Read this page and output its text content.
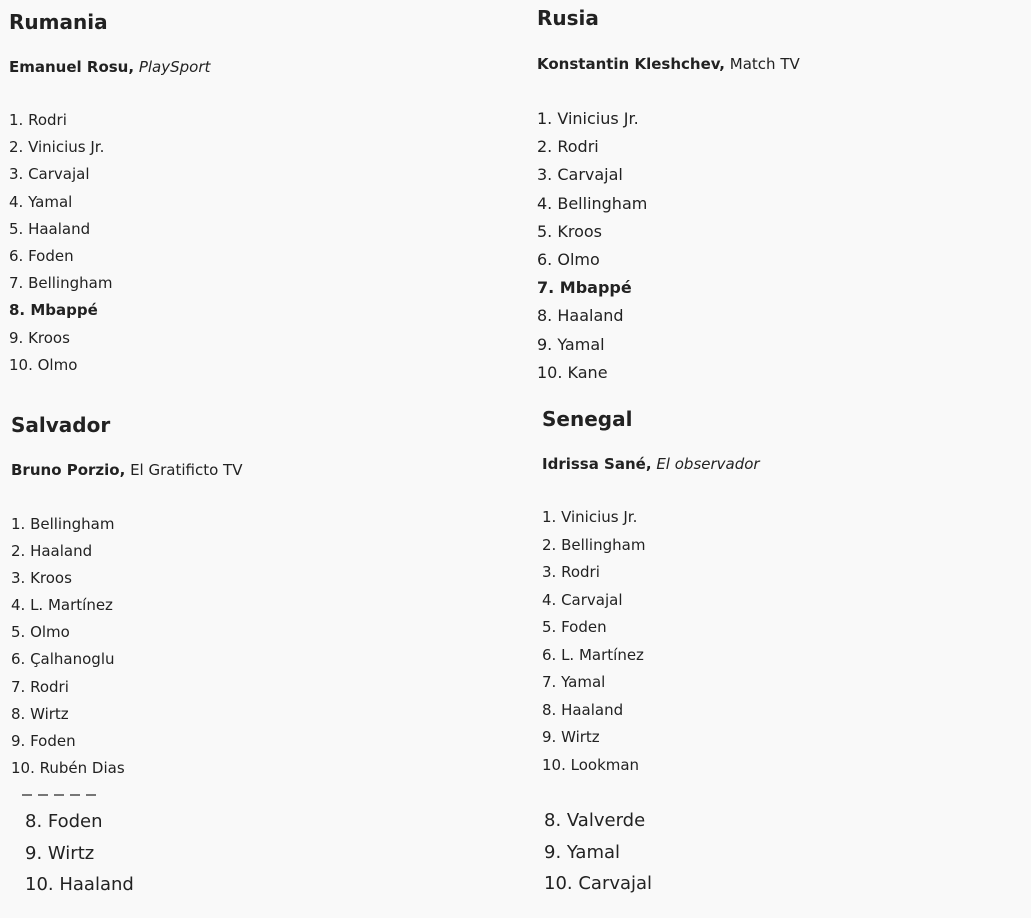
Rumania

Emanuel Rosu, PlaySport

1. Rodri
2. Vinicius Jr.
3. Carvajal
4. Yamal
5. Haaland
6. Foden
7. Bellingham
8. Mbappé
9. Kroos
10. Olmo
Rusia

Konstantin Kleshchev, Match TV

1. Vinicius Jr.
2. Rodri
3. Carvajal
4. Bellingham
5. Kroos
6. Olmo
7. Mbappé
8. Haaland
9. Yamal
10. Kane
Salvador

Bruno Porzio, El Gratificto TV

1. Bellingham
2. Haaland
3. Kroos
4. L. Martínez
5. Olmo
6. Çalhanoglu
7. Rodri
8. Wirtz
9. Foden
10. Rubén Dias
Senegal

Idrissa Sané, El observador

1. Vinicius Jr.
2. Bellingham
3. Rodri
4. Carvajal
5. Foden
6. L. Martínez
7. Yamal
8. Haaland
9. Wirtz
10. Lookman
8. Foden
9. Wirtz
10. Haaland
8. Valverde
9. Yamal
10. Carvajal
